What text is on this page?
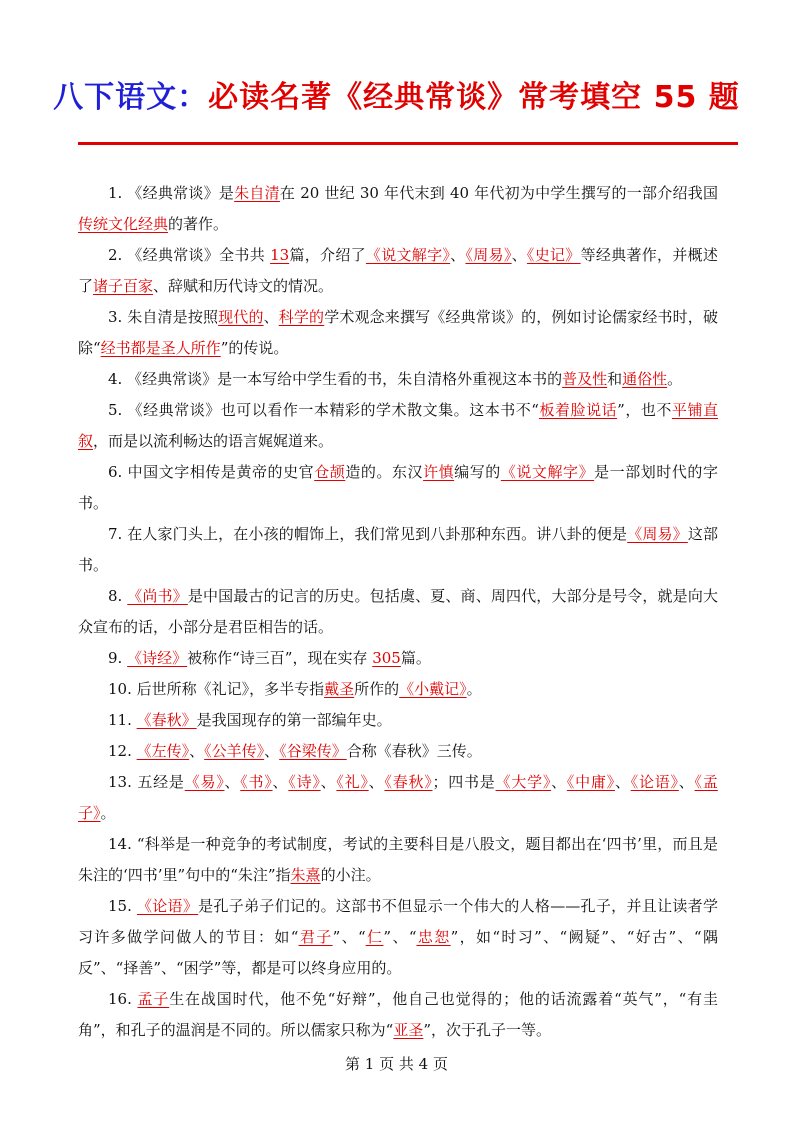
八下语文：必读名著《经典常谈》常考填空 55 题

1. 《经典常谈》是朱自清在 20 世纪 30 年代末到 40 年代初为中学生撰写的一部介绍我国传统文化经典的著作。

2. 《经典常谈》全书共 13篇，介绍了《说文解字》、《周易》、《史记》等经典著作，并概述了诸子百家、辞赋和历代诗文的情况。

3. 朱自清是按照现代的、科学的学术观念来撰写《经典常谈》的，例如讨论儒家经书时，破除“经书都是圣人所作”的传说。

4. 《经典常谈》是一本写给中学生看的书，朱自清格外重视这本书的普及性和通俗性。

5. 《经典常谈》也可以看作一本精彩的学术散文集。这本书不“板着脸说话”，也不平铺直叙，而是以流利畅达的语言娓娓道来。

6. 中国文字相传是黄帝的史官仓颉造的。东汉许慎编写的《说文解字》是一部划时代的字书。

7. 在人家门头上，在小孩的帽饰上，我们常见到八卦那种东西。讲八卦的便是《周易》这部书。

8. 《尚书》是中国最古的记言的历史。包括虞、夏、商、周四代，大部分是号令，就是向大众宣布的话，小部分是君臣相告的话。

9. 《诗经》被称作“诗三百”，现在实存 305篇。

10. 后世所称《礼记》，多半专指戴圣所作的《小戴记》。

11. 《春秋》是我国现存的第一部编年史。

12. 《左传》、《公羊传》、《谷梁传》合称《春秋》三传。

13. 五经是《易》、《书》、《诗》、《礼》、《春秋》；四书是《大学》、《中庸》、《论语》、《孟子》。

14. “科举是一种竞争的考试制度，考试的主要科目是八股文，题目都出在‘四书’里，而且是朱注的‘四书’里”句中的“朱注”指朱熹的小注。

15. 《论语》是孔子弟子们记的。这部书不但显示一个伟大的人格——孔子，并且让读者学习许多做学问做人的节目：如“君子”、“仁”、“忠恕”，如“时习”、“阙疑”、“好古”、“隅反”、“择善”、“困学”等，都是可以终身应用的。

16. 孟子生在战国时代，他不免“好辩”，他自己也觉得的；他的话流露着“英气”，“有圭角”，和孔子的温润是不同的。所以儒家只称为“亚圣”，次于孔子一等。

第 1 页 共 4 页
